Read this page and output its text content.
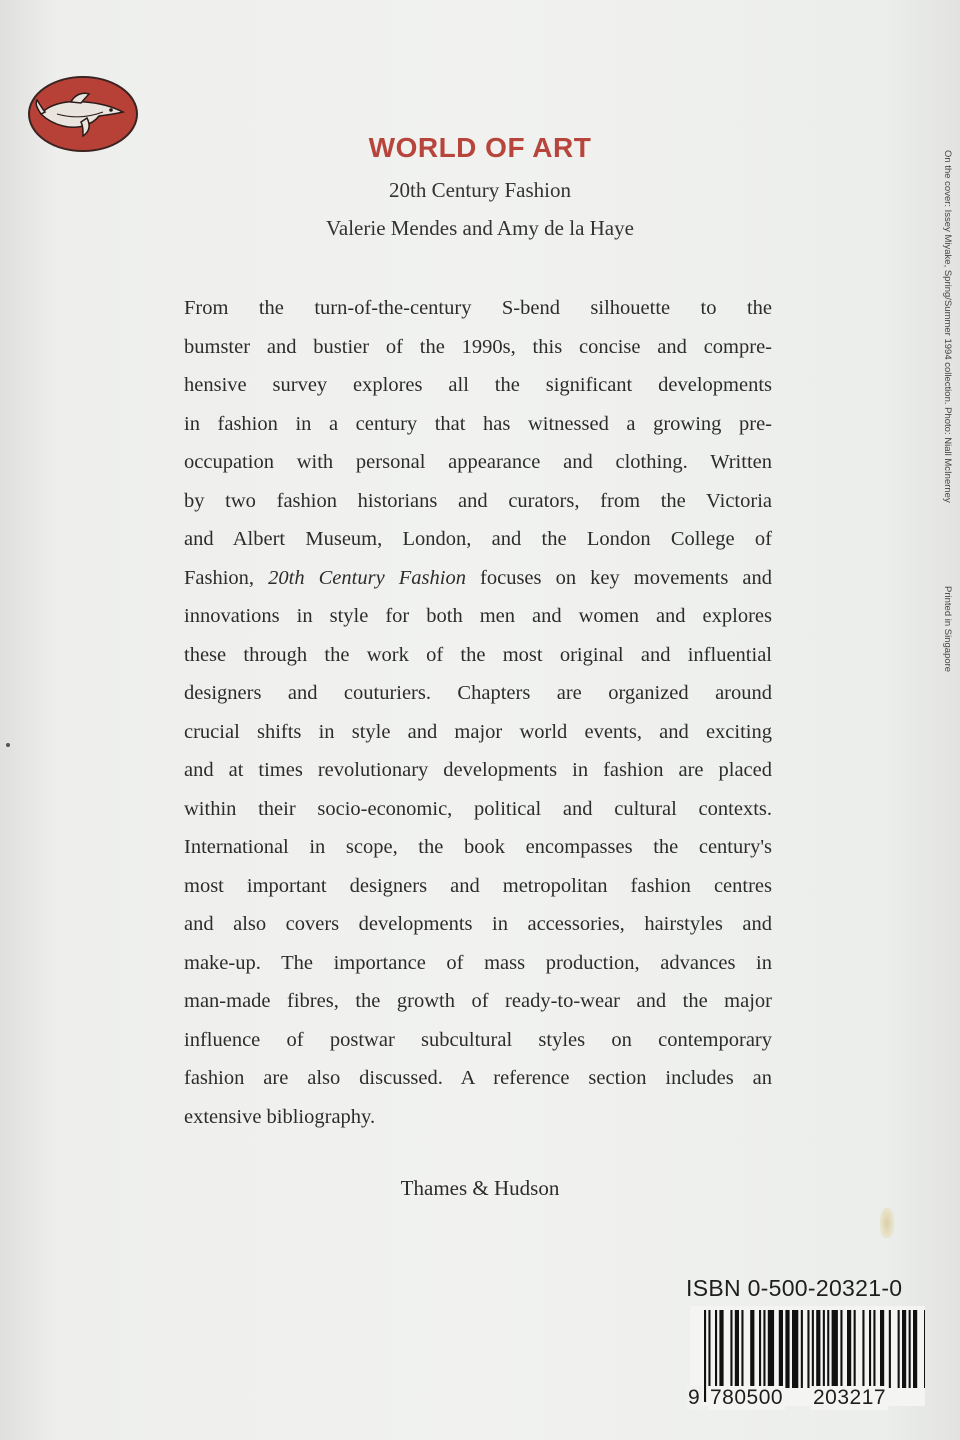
WORLD OF ART
20th Century Fashion
Valerie Mendes and Amy de la Haye
From the turn-of-the-century S-bend silhouette to the
bumster and bustier of the 1990s, this concise and compre-
hensive survey explores all the significant developments
in fashion in a century that has witnessed a growing pre-
occupation with personal appearance and clothing. Written
by two fashion historians and curators, from the Victoria
and Albert Museum, London, and the London College of
Fashion, 20th Century Fashion focuses on key movements and
innovations in style for both men and women and explores
these through the work of the most original and influential
designers and couturiers. Chapters are organized around
crucial shifts in style and major world events, and exciting
and at times revolutionary developments in fashion are placed
within their socio-economic, political and cultural contexts.
International in scope, the book encompasses the century's
most important designers and metropolitan fashion centres
and also covers developments in accessories, hairstyles and
make-up. The importance of mass production, advances in
man-made fibres, the growth of ready-to-wear and the major
influence of postwar subcultural styles on contemporary
fashion are also discussed. A reference section includes an
extensive bibliography.
Thames & Hudson
On the cover: Issey Miyake, Spring/Summer 1994 collection. Photo: Niall McInerney
Printed in Singapore
ISBN 0-500-20321-0
9 780500 203217
